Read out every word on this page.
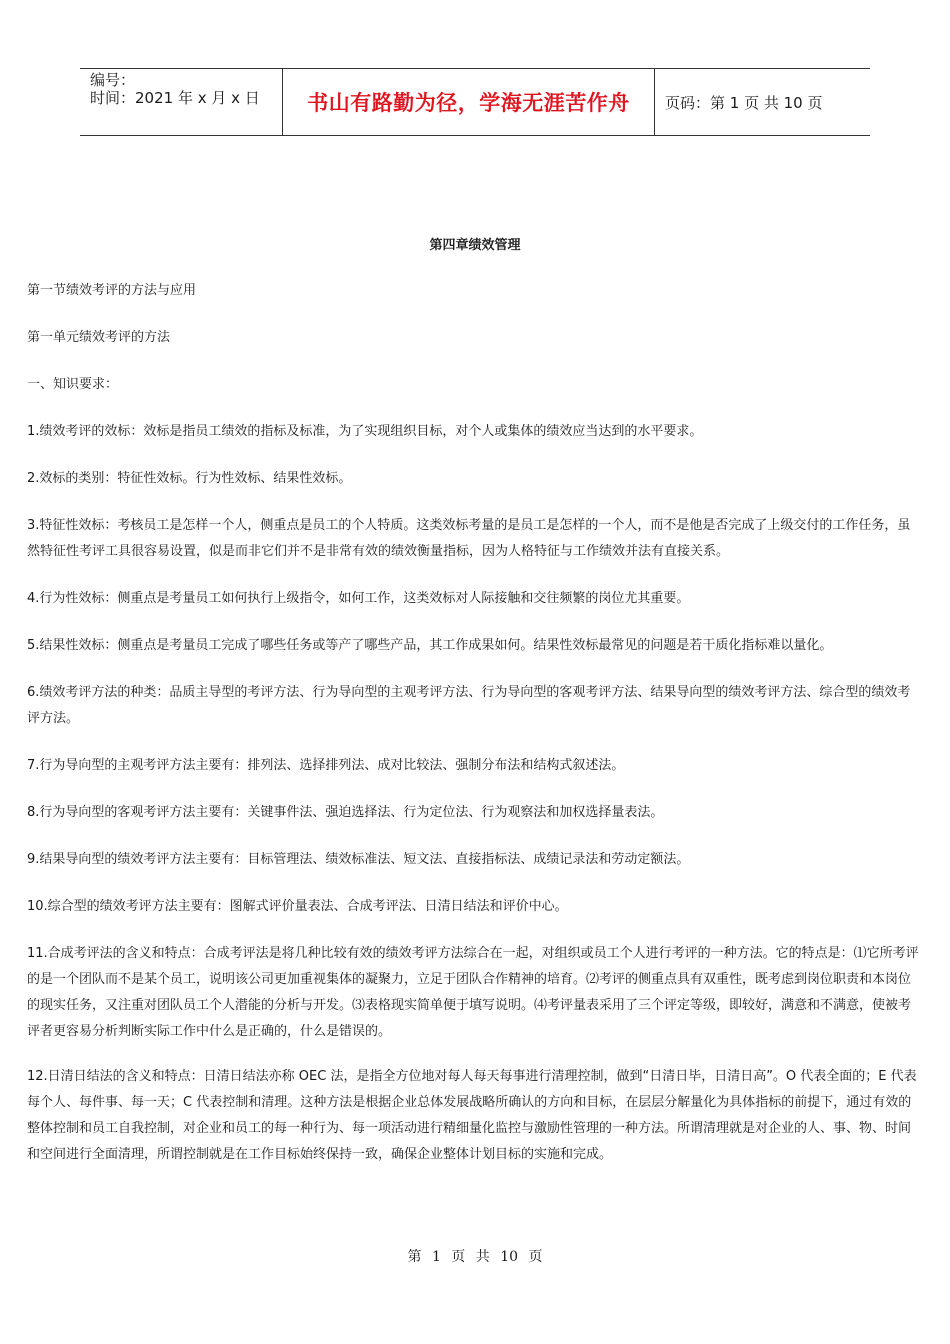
编号：
时间：2021 年 x 月 x 日	书山有路勤为径，学海无涯苦作舟	页码：第 1 页 共 10 页
第四章绩效管理

第一节绩效考评的方法与应用

第一单元绩效考评的方法

一、知识要求：

1.绩效考评的效标：效标是指员工绩效的指标及标准，为了实现组织目标，对个人或集体的绩效应当达到的水平要求。

2.效标的类别：特征性效标。行为性效标、结果性效标。

3.特征性效标：考核员工是怎样一个人，侧重点是员工的个人特质。这类效标考量的是员工是怎样的一个人，而不是他是否完成了上级交付的工作任务，虽然特征性考评工具很容易设置，似是而非它们并不是非常有效的绩效衡量指标，因为人格特征与工作绩效并法有直接关系。

4.行为性效标：侧重点是考量员工如何执行上级指令，如何工作，这类效标对人际接触和交往频繁的岗位尤其重要。

5.结果性效标：侧重点是考量员工完成了哪些任务或等产了哪些产品，其工作成果如何。结果性效标最常见的问题是若干质化指标难以量化。

6.绩效考评方法的种类：品质主导型的考评方法、行为导向型的主观考评方法、行为导向型的客观考评方法、结果导向型的绩效考评方法、综合型的绩效考评方法。

7.行为导向型的主观考评方法主要有：排列法、选择排列法、成对比较法、强制分布法和结构式叙述法。

8.行为导向型的客观考评方法主要有：关键事件法、强迫选择法、行为定位法、行为观察法和加权选择量表法。

9.结果导向型的绩效考评方法主要有：目标管理法、绩效标准法、短文法、直接指标法、成绩记录法和劳动定额法。

10.综合型的绩效考评方法主要有：图解式评价量表法、合成考评法、日清日结法和评价中心。

11.合成考评法的含义和特点：合成考评法是将几种比较有效的绩效考评方法综合在一起，对组织或员工个人进行考评的一种方法。它的特点是：⑴它所考评的是一个团队而不是某个员工，说明该公司更加重视集体的凝聚力，立足于团队合作精神的培育。⑵考评的侧重点具有双重性，既考虑到岗位职责和本岗位的现实任务，又注重对团队员工个人潜能的分析与开发。⑶表格现实简单便于填写说明。⑷考评量表采用了三个评定等级，即较好，满意和不满意，使被考评者更容易分析判断实际工作中什么是正确的，什么是错误的。

12.日清日结法的含义和特点：日清日结法亦称 OEC 法，是指全方位地对每人每天每事进行清理控制，做到“日清日毕，日清日高”。O 代表全面的；E 代表每个人、每件事、每一天；C 代表控制和清理。这种方法是根据企业总体发展战略所确认的方向和目标，在层层分解量化为具体指标的前提下，通过有效的整体控制和员工自我控制，对企业和员工的每一种行为、每一项活动进行精细量化监控与激励性管理的一种方法。所谓清理就是对企业的人、事、物、时间和空间进行全面清理，所谓控制就是在工作目标始终保持一致，确保企业整体计划目标的实施和完成。

第 1 页 共 10 页
